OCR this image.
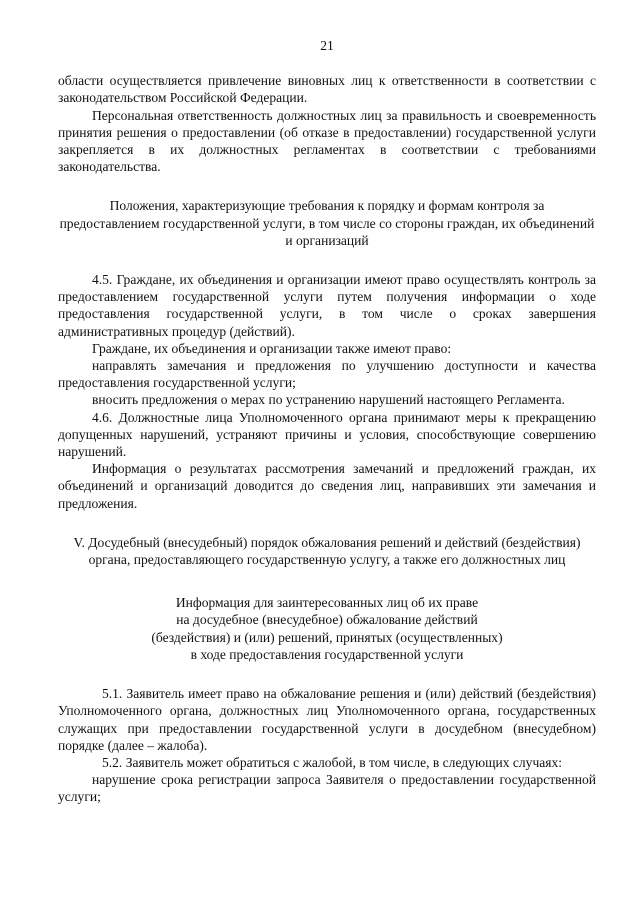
21

области осуществляется привлечение виновных лиц к ответственности в соответствии с законодательством Российской Федерации.

Персональная ответственность должностных лиц за правильность и своевременность принятия решения о предоставлении (об отказе в предоставлении) государственной услуги закрепляется в их должностных регламентах в соответствии с требованиями законодательства.

Положения, характеризующие требования к порядку и формам контроля за предоставлением государственной услуги, в том числе со стороны граждан, их объединений и организаций

4.5. Граждане, их объединения и организации имеют право осуществлять контроль за предоставлением государственной услуги путем получения информации о ходе предоставления государственной услуги, в том числе о сроках завершения административных процедур (действий).

Граждане, их объединения и организации также имеют право:

направлять замечания и предложения по улучшению доступности и качества предоставления государственной услуги;

вносить предложения о мерах по устранению нарушений настоящего Регламента.

4.6. Должностные лица Уполномоченного органа принимают меры к прекращению допущенных нарушений, устраняют причины и условия, способствующие совершению нарушений.

Информация о результатах рассмотрения замечаний и предложений граждан, их объединений и организаций доводится до сведения лиц, направивших эти замечания и предложения.

V. Досудебный (внесудебный) порядок обжалования решений и действий (бездействия) органа, предоставляющего государственную услугу, а также его должностных лиц

Информация для заинтересованных лиц об их праве

на досудебное (внесудебное) обжалование действий

(бездействия) и (или) решений, принятых (осуществленных)

в ходе предоставления государственной услуги

5.1. Заявитель имеет право на обжалование решения и (или) действий (бездействия) Уполномоченного органа, должностных лиц Уполномоченного органа, государственных служащих при предоставлении государственной услуги в досудебном (внесудебном) порядке (далее – жалоба).

5.2. Заявитель может обратиться с жалобой, в том числе, в следующих случаях:

нарушение срока регистрации запроса Заявителя о предоставлении государственной услуги;
